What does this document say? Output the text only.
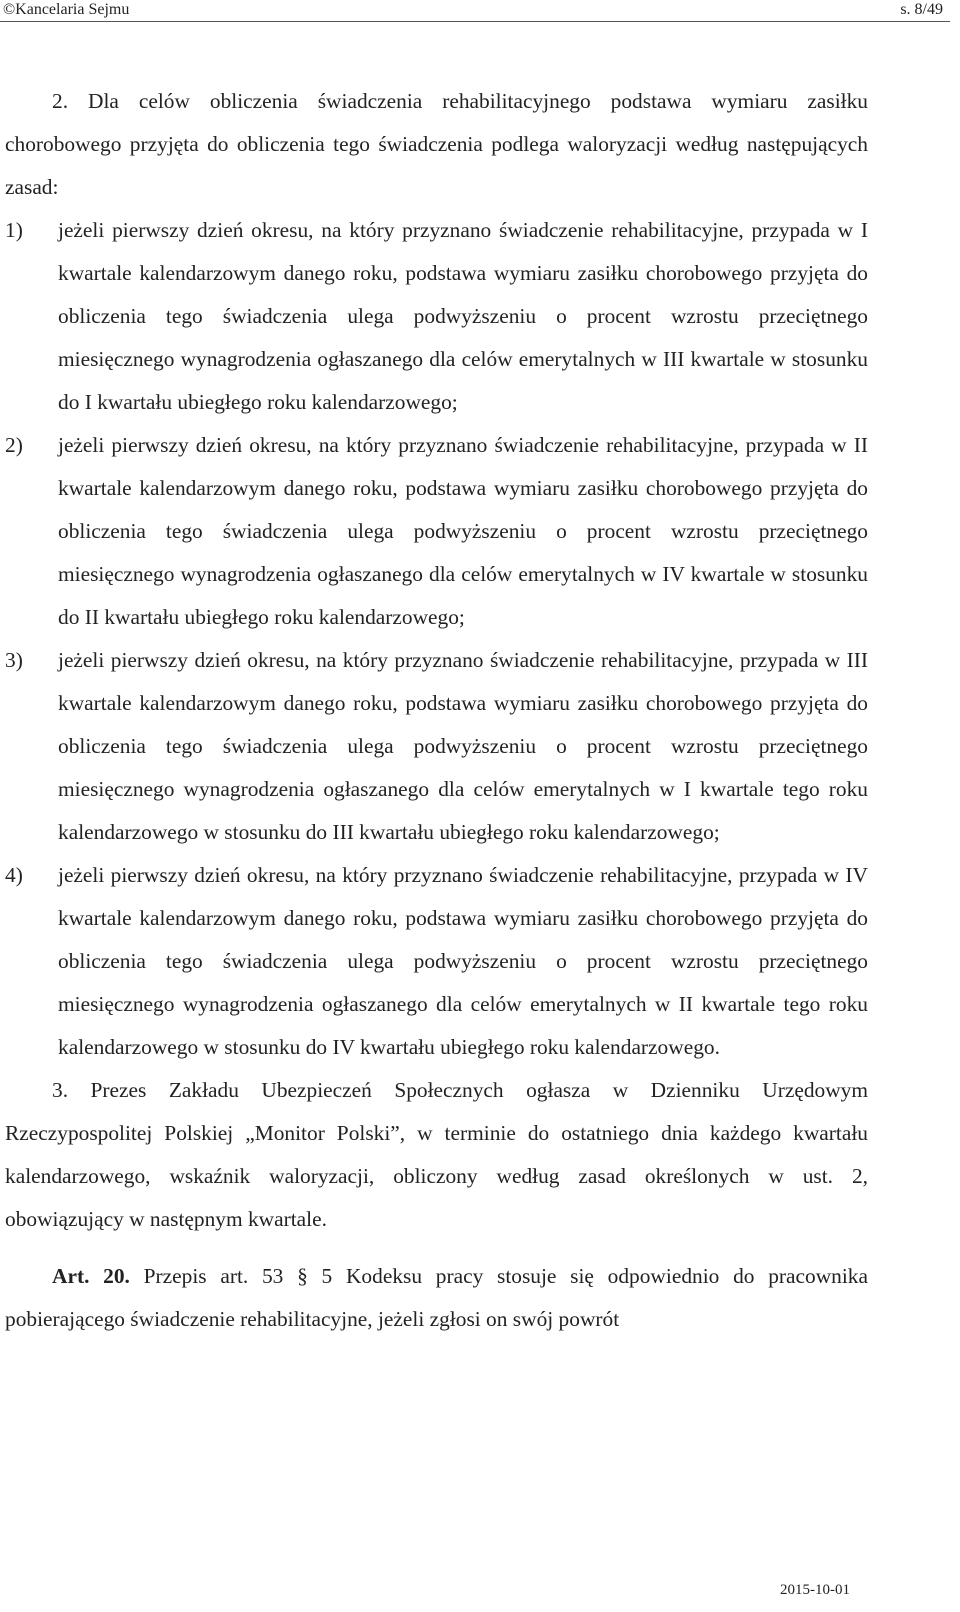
©Kancelaria Sejmu	s. 8/49

2. Dla celów obliczenia świadczenia rehabilitacyjnego podstawa wymiaru zasiłku chorobowego przyjęta do obliczenia tego świadczenia podlega waloryzacji według następujących zasad:

1)	jeżeli pierwszy dzień okresu, na który przyznano świadczenie rehabilitacyjne, przypada w I kwartale kalendarzowym danego roku, podstawa wymiaru zasiłku chorobowego przyjęta do obliczenia tego świadczenia ulega podwyższeniu o procent wzrostu przeciętnego miesięcznego wynagrodzenia ogłaszanego dla celów emerytalnych w III kwartale w stosunku do I kwartału ubiegłego roku kalendarzowego;

2)	jeżeli pierwszy dzień okresu, na który przyznano świadczenie rehabilitacyjne, przypada w II kwartale kalendarzowym danego roku, podstawa wymiaru zasiłku chorobowego przyjęta do obliczenia tego świadczenia ulega podwyższeniu o procent wzrostu przeciętnego miesięcznego wynagrodzenia ogłaszanego dla celów emerytalnych w IV kwartale w stosunku do II kwartału ubiegłego roku kalendarzowego;

3)	jeżeli pierwszy dzień okresu, na który przyznano świadczenie rehabilitacyjne, przypada w III kwartale kalendarzowym danego roku, podstawa wymiaru zasiłku chorobowego przyjęta do obliczenia tego świadczenia ulega podwyższeniu o procent wzrostu przeciętnego miesięcznego wynagrodzenia ogłaszanego dla celów emerytalnych w I kwartale tego roku kalendarzowego w stosunku do III kwartału ubiegłego roku kalendarzowego;

4)	jeżeli pierwszy dzień okresu, na który przyznano świadczenie rehabilitacyjne, przypada w IV kwartale kalendarzowym danego roku, podstawa wymiaru zasiłku chorobowego przyjęta do obliczenia tego świadczenia ulega podwyższeniu o procent wzrostu przeciętnego miesięcznego wynagrodzenia ogłaszanego dla celów emerytalnych w II kwartale tego roku kalendarzowego w stosunku do IV kwartału ubiegłego roku kalendarzowego.

3. Prezes Zakładu Ubezpieczeń Społecznych ogłasza w Dzienniku Urzędowym Rzeczypospolitej Polskiej „Monitor Polski”, w terminie do ostatniego dnia każdego kwartału kalendarzowego, wskaźnik waloryzacji, obliczony według zasad określonych w ust. 2, obowiązujący w następnym kwartale.

Art. 20. Przepis art. 53 § 5 Kodeksu pracy stosuje się odpowiednio do pracownika pobierającego świadczenie rehabilitacyjne, jeżeli zgłosi on swój powrót

2015-10-01
